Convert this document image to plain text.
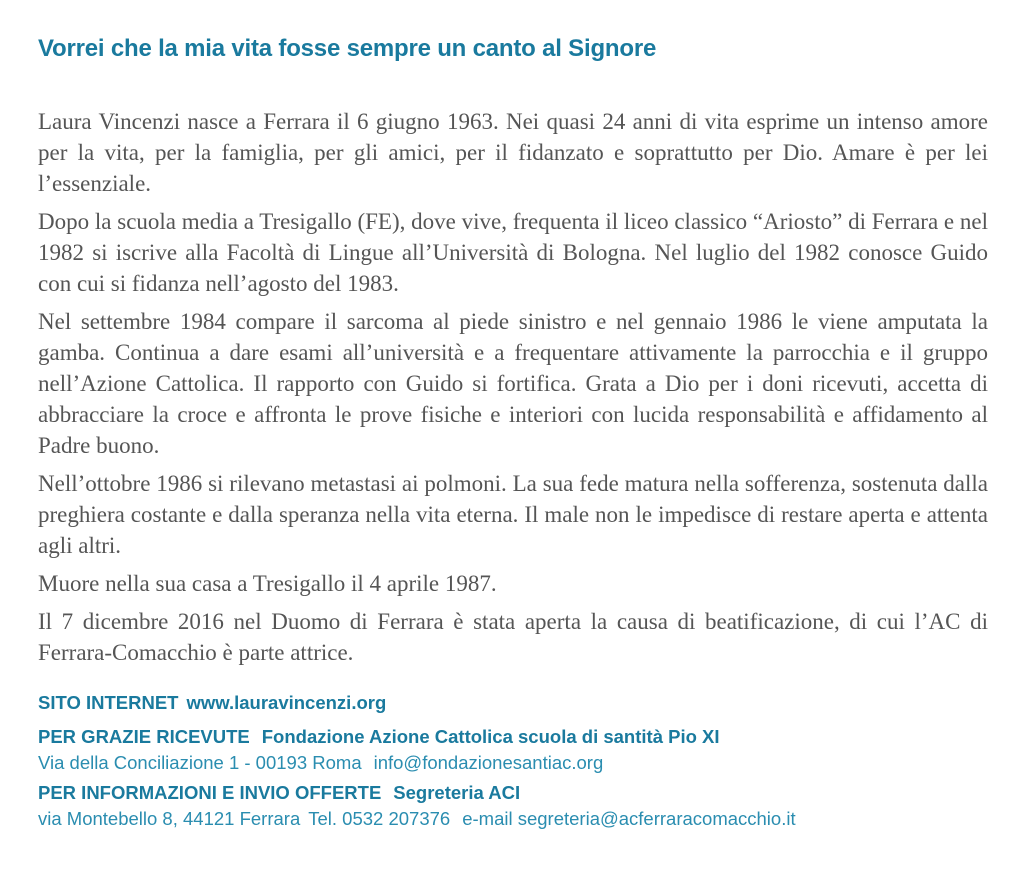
Vorrei che la mia vita fosse sempre un canto al Signore

Laura Vincenzi nasce a Ferrara il 6 giugno 1963. Nei quasi 24 anni di vita esprime un intenso amore per la vita, per la famiglia, per gli amici, per il fidanzato e soprattutto per Dio. Amare è per lei l’essenziale.

Dopo la scuola media a Tresigallo (FE), dove vive, frequenta il liceo classico “Ariosto” di Ferrara e nel 1982 si iscrive alla Facoltà di Lingue all’Università di Bologna. Nel luglio del 1982 conosce Guido con cui si fidanza nell’agosto del 1983.

Nel settembre 1984 compare il sarcoma al piede sinistro e nel gennaio 1986 le viene amputata la gamba. Continua a dare esami all’università e a frequentare attivamente la parrocchia e il gruppo nell’Azione Cattolica. Il rapporto con Guido si fortifica. Grata a Dio per i doni ricevuti, accetta di abbracciare la croce e affronta le prove fisiche e interiori con lucida responsabilità e affidamento al Padre buono.

Nell’ottobre 1986 si rilevano metastasi ai polmoni. La sua fede matura nella sofferenza, sostenuta dalla preghiera costante e dalla speranza nella vita eterna. Il male non le impedisce di restare aperta e attenta agli altri.

Muore nella sua casa a Tresigallo il 4 aprile 1987.

Il 7 dicembre 2016 nel Duomo di Ferrara è stata aperta la causa di beatificazione, di cui l’AC di Ferrara-Comacchio è parte attrice.

SITO INTERNET www.lauravincenzi.org

PER GRAZIE RICEVUTE Fondazione Azione Cattolica scuola di santità Pio XI

Via della Conciliazione 1 - 00193 Roma info@fondazionesantiac.org

PER INFORMAZIONI E INVIO OFFERTE Segreteria ACI

via Montebello 8, 44121 Ferrara Tel. 0532 207376 e-mail segreteria@acferraracomacchio.it
